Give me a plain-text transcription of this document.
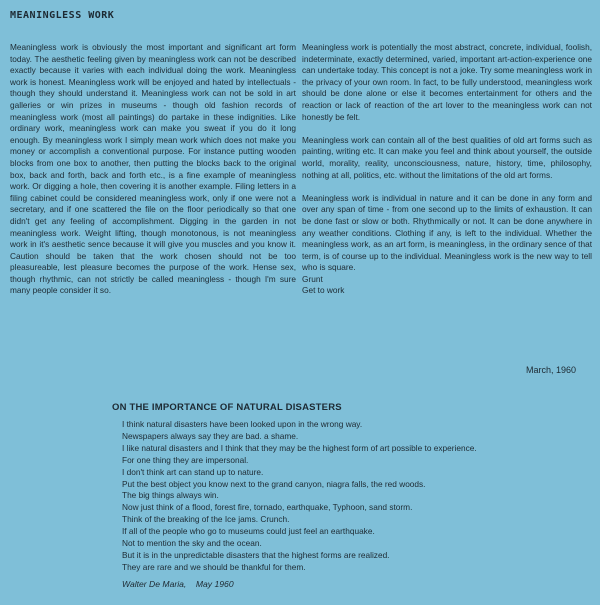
MEANINGLESS WORK

Meaningless work is obviously the most important and significant art form today. The aesthetic feeling given by meaningless work can not be described exactly because it varies with each individual doing the work. Meaningless work is honest. Meaningless work will be enjoyed and hated by intellectuals - though they should understand it. Meaningless work can not be sold in art galleries or win prizes in museums - though old fashion records of meaningless work (most all paintings) do partake in these indignities. Like ordinary work, meaningless work can make you sweat if you do it long enough. By meaningless work I simply mean work which does not make you money or accomplish a conventional purpose. For instance putting wooden blocks from one box to another, then putting the blocks back to the original box, back and forth, back and forth etc., is a fine example of meaningless work. Or digging a hole, then covering it is another example. Filing letters in a filing cabinet could be considered meaningless work, only if one were not a secretary, and if one scattered the file on the floor periodically so that one didn't get any feeling of accomplishment. Digging in the garden in not meaningless work. Weight lifting, though monotonous, is not meaningless work in it's aesthetic sence because it will give you muscles and you know it. Caution should be taken that the work chosen should not be too pleasureable, lest pleasure becomes the purpose of the work. Hense sex, though rhythmic, can not strictly be called meaningless - though I'm sure many people consider it so.

Meaningless work is potentially the most abstract, concrete, individual, foolish, indeterminate, exactly determined, varied, important art-action-experience one can undertake today. This concept is not a joke. Try some meaningless work in the privacy of your own room. In fact, to be fully understood, meaningless work should be done alone or else it becomes entertainment for others and the reaction or lack of reaction of the art lover to the meaningless work can not honestly be felt.

Meaningless work can contain all of the best qualities of old art forms such as painting, writing etc. It can make you feel and think about yourself, the outside world, morality, reality, unconsciousness, nature, history, time, philosophy, nothing at all, politics, etc. without the limitations of the old art forms.

Meaningless work is individual in nature and it can be done in any form and over any span of time - from one second up to the limits of exhaustion. It can be done fast or slow or both. Rhythmically or not. It can be done anywhere in any weather conditions. Clothing if any, is left to the individual. Whether the meaningless work, as an art form, is meaningless, in the ordinary sence of that term, is of course up to the individual. Meaningless work is the new way to tell who is square.

Grunt
Get to work
March, 1960
ON THE IMPORTANCE OF NATURAL DISASTERS
I think natural disasters have been looked upon in the wrong way.
Newspapers always say they are bad. a shame.
I like natural disasters and I think that they may be the highest form of art possible to experience.
For one thing they are impersonal.
I don't think art can stand up to nature.
Put the best object you know next to the grand canyon, niagra falls, the red woods.
The big things always win.
Now just think of a flood, forest fire, tornado, earthquake, Typhoon, sand storm.
Think of the breaking of the Ice jams. Crunch.
If all of the people who go to museums could just feel an earthquake.
Not to mention the sky and the ocean.
But it is in the unpredictable disasters that the highest forms are realized.
They are rare and we should be thankful for them.
Walter De Maria,    May 1960
